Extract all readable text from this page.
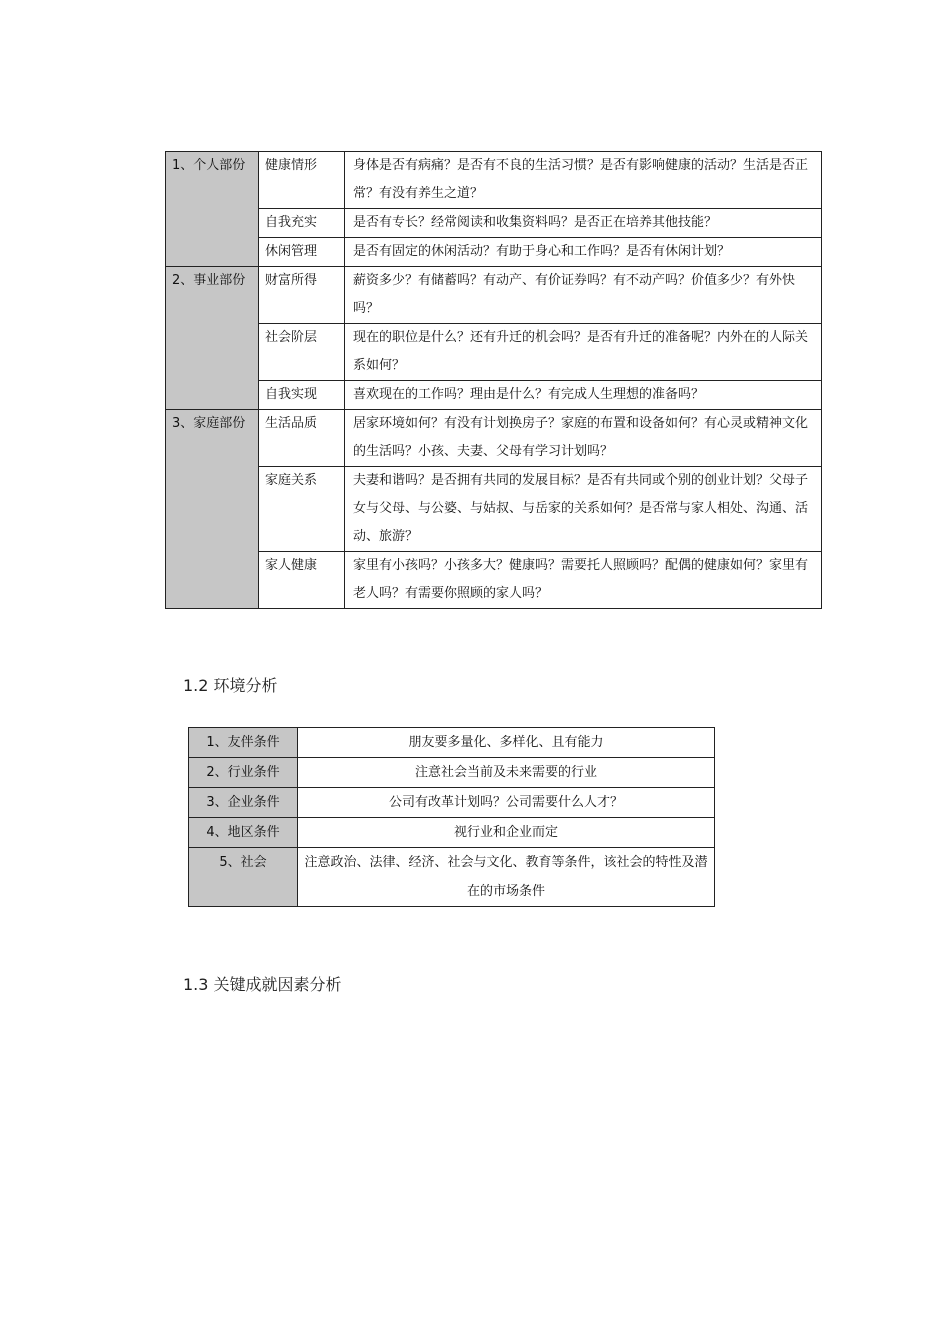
1、个人部份	健康情形	身体是否有病痛？是否有不良的生活习惯？是否有影响健康的活动？生活是否正常？有没有养生之道？
	自我充实	是否有专长？经常阅读和收集资料吗？是否正在培养其他技能？
	休闲管理	是否有固定的休闲活动？有助于身心和工作吗？是否有休闲计划？
2、事业部份	财富所得	薪资多少？有储蓄吗？有动产、有价证券吗？有不动产吗？价值多少？有外快吗？
	社会阶层	现在的职位是什么？还有升迁的机会吗？是否有升迁的准备呢？内外在的人际关系如何？
	自我实现	喜欢现在的工作吗？理由是什么？有完成人生理想的准备吗？
3、家庭部份	生活品质	居家环境如何？有没有计划换房子？家庭的布置和设备如何？有心灵或精神文化的生活吗？小孩、夫妻、父母有学习计划吗？
	家庭关系	夫妻和谐吗？是否拥有共同的发展目标？是否有共同或个别的创业计划？父母子女与父母、与公婆、与姑叔、与岳家的关系如何？是否常与家人相处、沟通、活动、旅游？
	家人健康	家里有小孩吗？小孩多大？健康吗？需要托人照顾吗？配偶的健康如何？家里有老人吗？有需要你照顾的家人吗？
1.2 环境分析
1、友伴条件	朋友要多量化、多样化、且有能力
2、行业条件	注意社会当前及未来需要的行业
3、企业条件	公司有改革计划吗？公司需要什么人才？
4、地区条件	视行业和企业而定
5、社会	注意政治、法律、经济、社会与文化、教育等条件，该社会的特性及潜在的市场条件
1.3 关键成就因素分析
